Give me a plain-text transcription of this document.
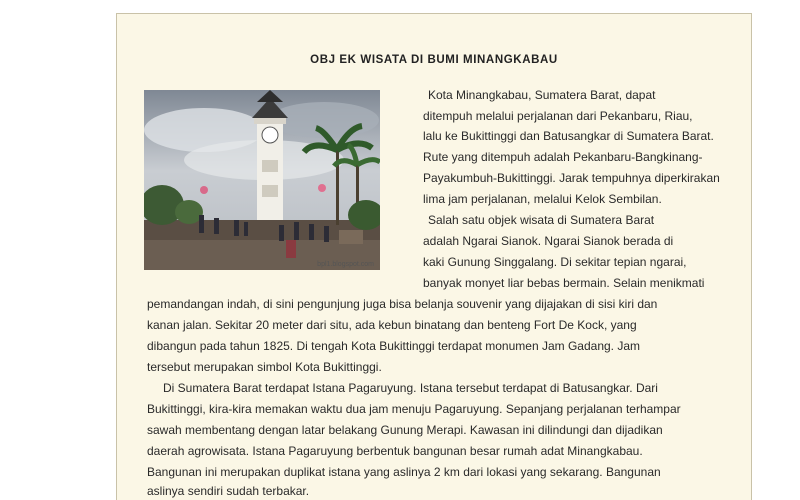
OBJ EK WISATA DI BUMI MINANGKABAU
bpl1.blogspot.com
Kota Minangkabau, Sumatera Barat, dapat
ditempuh melalui perjalanan dari Pekanbaru, Riau,
lalu ke Bukittinggi dan Batusangkar di Sumatera Barat.
Rute yang ditempuh adalah Pekanbaru-Bangkinang-
Payakumbuh-Bukittinggi. Jarak tempuhnya diperkirakan
lima jam perjalanan, melalui Kelok Sembilan.
Salah satu objek wisata di Sumatera Barat
adalah Ngarai Sianok. Ngarai Sianok berada di
kaki Gunung Singgalang. Di sekitar tepian ngarai,
banyak monyet liar bebas bermain. Selain menikmati
pemandangan indah, di sini pengunjung juga bisa belanja souvenir yang dijajakan di sisi kiri dan
kanan jalan. Sekitar 20 meter dari situ, ada kebun binatang dan benteng Fort De Kock, yang
dibangun pada tahun 1825. Di tengah Kota Bukittinggi terdapat monumen Jam Gadang. Jam
tersebut merupakan simbol Kota Bukittinggi.
Di Sumatera Barat terdapat Istana Pagaruyung. Istana tersebut terdapat di Batusangkar. Dari
Bukittinggi, kira-kira memakan waktu dua jam menuju Pagaruyung. Sepanjang perjalanan terhampar
sawah membentang dengan latar belakang Gunung Merapi. Kawasan ini dilindungi dan dijadikan
daerah agrowisata. Istana Pagaruyung berbentuk bangunan besar rumah adat Minangkabau.
Bangunan ini merupakan duplikat istana yang aslinya 2 km dari lokasi yang sekarang. Bangunan
aslinya sendiri sudah terbakar.
